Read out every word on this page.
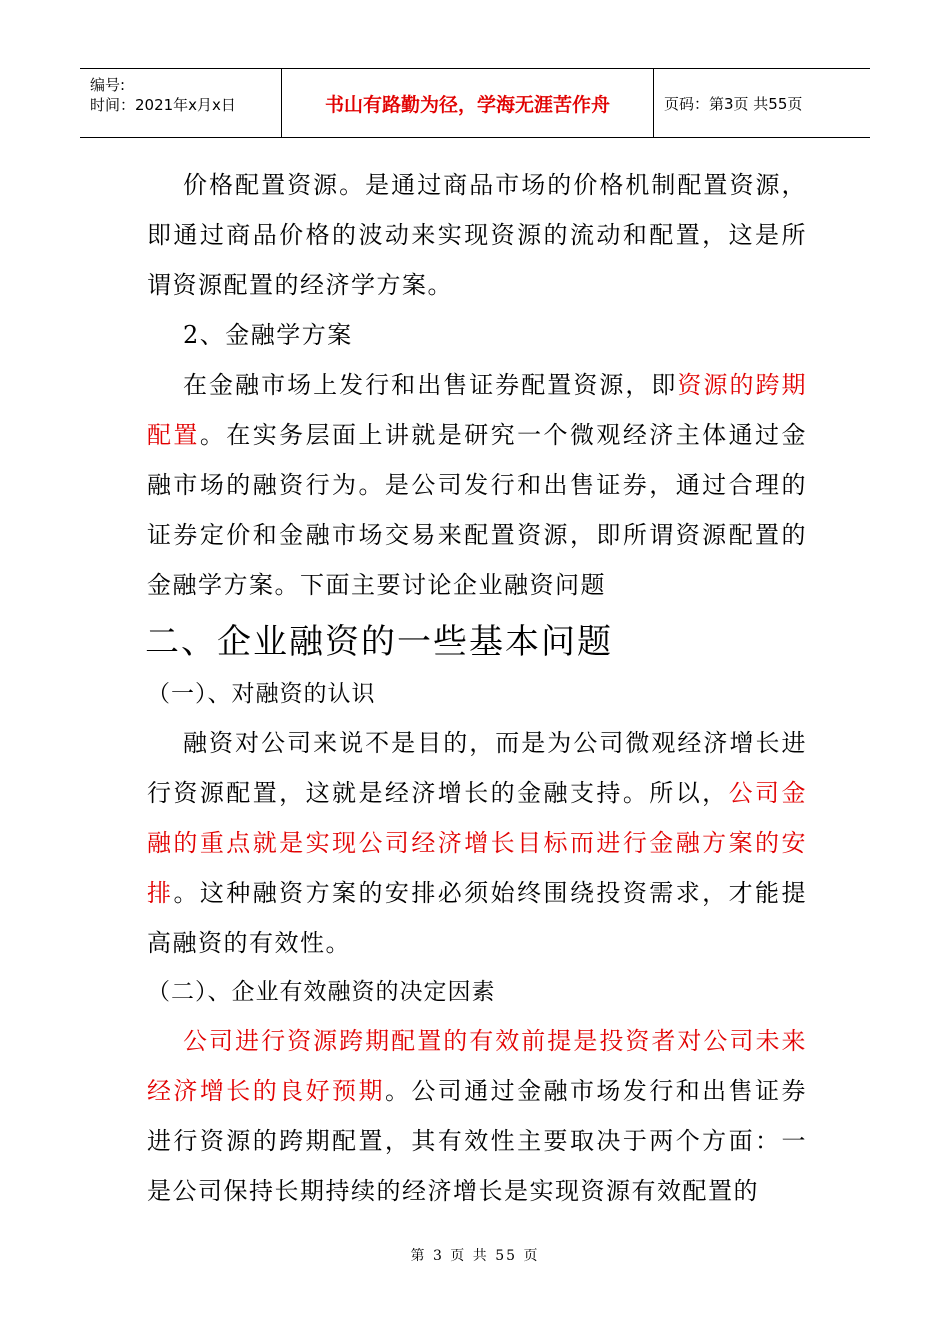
编号:
时间：2021年x月x日	书山有路勤为径，学海无涯苦作舟	页码：第3页 共55页

价格配置资源。是通过商品市场的价格机制配置资源，即通过商品价格的波动来实现资源的流动和配置，这是所谓资源配置的经济学方案。

2、金融学方案

在金融市场上发行和出售证券配置资源，即资源的跨期配置。在实务层面上讲就是研究一个微观经济主体通过金融市场的融资行为。是公司发行和出售证券，通过合理的证券定价和金融市场交易来配置资源，即所谓资源配置的金融学方案。下面主要讨论企业融资问题

二、企业融资的一些基本问题
（一）、对融资的认识

融资对公司来说不是目的，而是为公司微观经济增长进行资源配置，这就是经济增长的金融支持。所以，公司金融的重点就是实现公司经济增长目标而进行金融方案的安排。这种融资方案的安排必须始终围绕投资需求，才能提高融资的有效性。

（二）、企业有效融资的决定因素

公司进行资源跨期配置的有效前提是投资者对公司未来经济增长的良好预期。公司通过金融市场发行和出售证券进行资源的跨期配置，其有效性主要取决于两个方面：一是公司保持长期持续的经济增长是实现资源有效配置的

第 3 页 共 55 页
